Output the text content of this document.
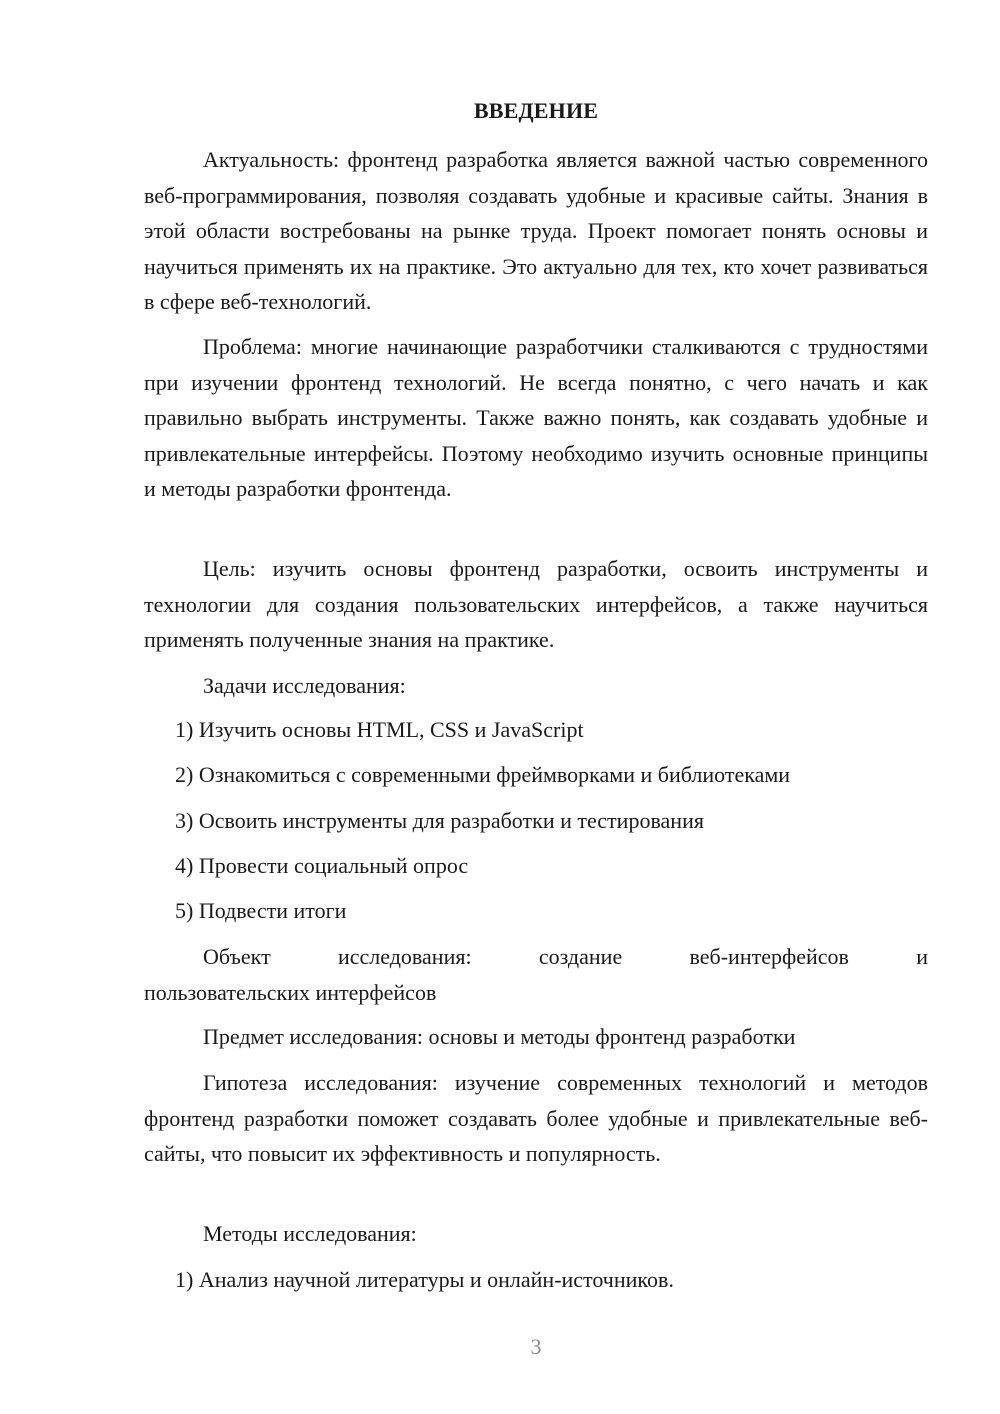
ВВЕДЕНИЕ

Актуальность: фронтенд разработка является важной частью современного веб-программирования, позволяя создавать удобные и красивые сайты. Знания в этой области востребованы на рынке труда. Проект помогает понять основы и научиться применять их на практике. Это актуально для тех, кто хочет развиваться в сфере веб-технологий.

Проблема: многие начинающие разработчики сталкиваются с трудностями при изучении фронтенд технологий. Не всегда понятно, с чего начать и как правильно выбрать инструменты. Также важно понять, как создавать удобные и привлекательные интерфейсы. Поэтому необходимо изучить основные принципы и методы разработки фронтенда.

Цель: изучить основы фронтенд разработки, освоить инструменты и технологии для создания пользовательских интерфейсов, а также научиться применять полученные знания на практике.

Задачи исследования:
1) Изучить основы HTML, CSS и JavaScript
2) Ознакомиться с современными фреймворками и библиотеками
3) Освоить инструменты для разработки и тестирования
4) Провести социальный опрос
5) Подвести итоги
Объект	исследования:	создание	веб-интерфейсов	и
пользовательских интерфейсов
Предмет исследования: основы и методы фронтенд разработки

Гипотеза исследования: изучение современных технологий и методов фронтенд разработки поможет создавать более удобные и привлекательные веб-сайты, что повысит их эффективность и популярность.

Методы исследования:
1) Анализ научной литературы и онлайн-источников.
3
